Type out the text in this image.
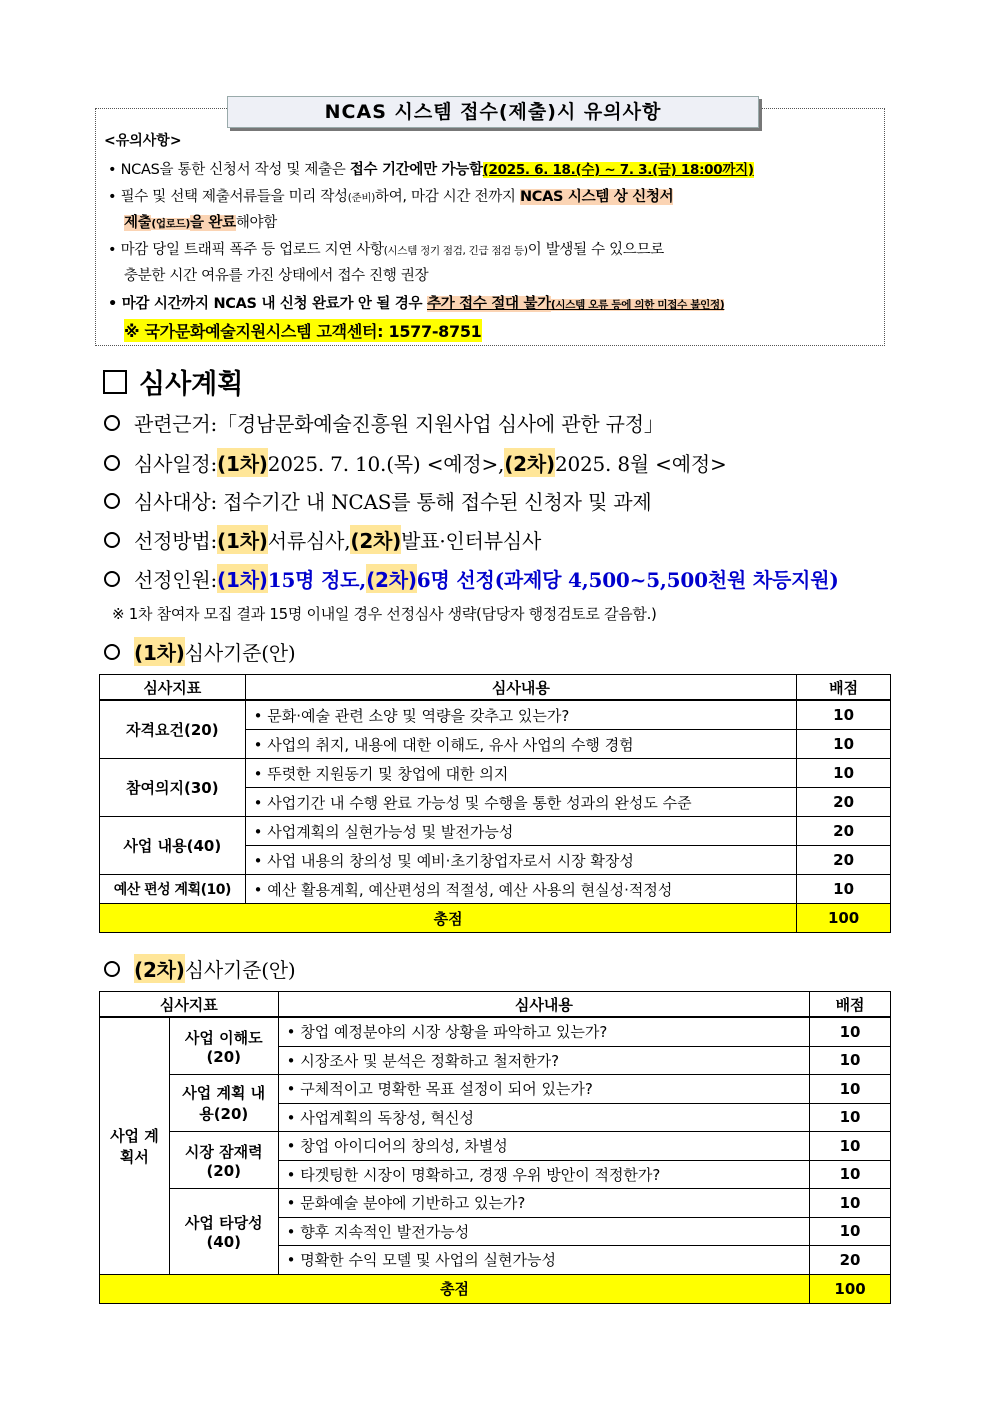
NCAS 시스템 접수(제출)시 유의사항
<유의사항>
• NCAS을 통한 신청서 작성 및 제출은 접수 기간에만 가능함(2025. 6. 18.(수) ~ 7. 3.(금) 18:00까지)
• 필수 및 선택 제출서류들을 미리 작성(준비)하여, 마감 시간 전까지 NCAS 시스템 상 신청서
제출(업로드)을 완료해야함
• 마감 당일 트래픽 폭주 등 업로드 지연 사항(시스템 정기 점검, 긴급 점검 등)이 발생될 수 있으므로
충분한 시간 여유를 가진 상태에서 접수 진행 권장
• 마감 시간까지 NCAS 내 신청 완료가 안 될 경우 추가 접수 절대 불가(시스템 오류 등에 의한 미접수 불인정)
※ 국가문화예술지원시스템 고객센터: 1577-8751
심사계획
관련근거:「경남문화예술진흥원 지원사업 심사에 관한 규정」
심사일정: (1차) 2025. 7. 10.(목) <예정>, (2차) 2025. 8월 <예정>
심사대상: 접수기간 내 NCAS를 통해 접수된 신청자 및 과제
선정방법: (1차) 서류심사, (2차) 발표·인터뷰심사
선정인원: (1차) 15명 정도, (2차) 6명 선정(과제당 4,500~5,500천원 차등지원)
※ 1차 참여자 모집 결과 15명 이내일 경우 선정심사 생략(담당자 행정검토로 갈음함.)
(1차) 심사기준(안)
심사지표	심사내용	배점
자격요건(20)	• 문화·예술 관련 소양 및 역량을 갖추고 있는가?	10
	• 사업의 취지, 내용에 대한 이해도, 유사 사업의 수행 경험	10
참여의지(30)	• 뚜렷한 지원동기 및 창업에 대한 의지	10
	• 사업기간 내 수행 완료 가능성 및 수행을 통한 성과의 완성도 수준	20
사업 내용(40)	• 사업계획의 실현가능성 및 발전가능성	20
	• 사업 내용의 창의성 및 예비·초기창업자로서 시장 확장성	20
예산 편성 계획(10)	• 예산 활용계획, 예산편성의 적절성, 예산 사용의 현실성·적정성	10
총점		100
(2차) 심사기준(안)
심사지표		심사내용	배점
사업 계획서	사업 이해도(20)	• 창업 예정분야의 시장 상황을 파악하고 있는가?	10
		• 시장조사 및 분석은 정확하고 철저한가?	10
	사업 계획 내용(20)	• 구체적이고 명확한 목표 설정이 되어 있는가?	10
		• 사업계획의 독창성, 혁신성	10
	시장 잠재력(20)	• 창업 아이디어의 창의성, 차별성	10
		• 타겟팅한 시장이 명확하고, 경쟁 우위 방안이 적정한가?	10
	사업 타당성(40)	• 문화예술 분야에 기반하고 있는가?	10
		• 향후 지속적인 발전가능성	10
		• 명확한 수익 모델 및 사업의 실현가능성	20
총점			100
